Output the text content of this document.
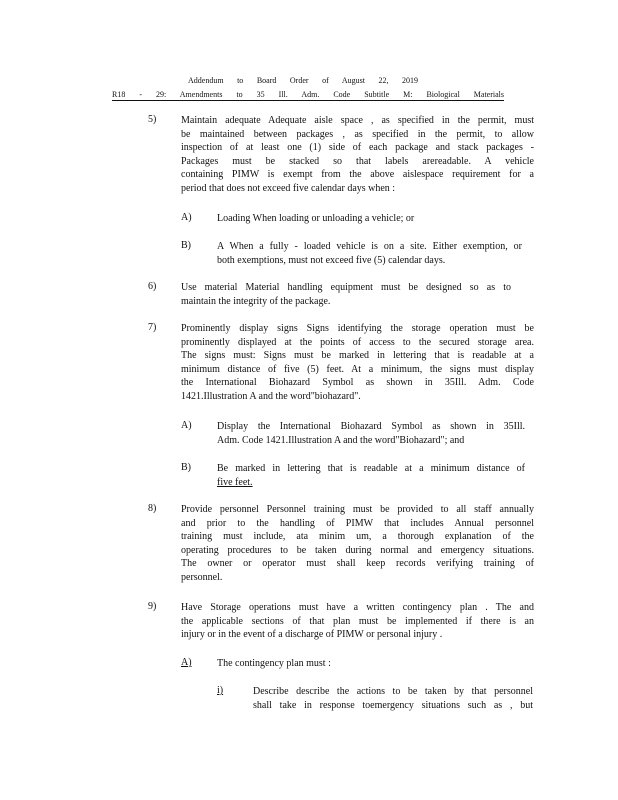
Addendum to Board Order of August 22, 2019
R18 - 29: Amendments to 35 Ill. Adm. Code Subtitle M: Biological Materials
5) Maintain adequate Adequate aisle space , as specified in the permit, must
be maintained between packages , as specified in the permit, to allow
inspection of at least one (1) side of each package and stack packages -
Packages must be stacked so that labels arereadable. A vehicle
containing PIMW is exempt from the above aislespace requirement for a
period that does not exceed five calendar days when :
A)	Loading When loading or unloading a vehicle; or
B)	A When a fully - loaded vehicle is on a site. Either exemption, or
both exemptions, must not exceed five (5) calendar days.
6) Use material Material handling equipment must be designed so as to
maintain the integrity of the package.
7) Prominently display signs Signs identifying the storage operation must be
prominently displayed at the points of access to the secured storage area.
The signs must: Signs must be marked in lettering that is readable at a
minimum distance of five (5) feet. At a minimum, the signs must display
the International Biohazard Symbol as shown in 35Ill. Adm. Code
1421.Illustration A and the word"biohazard".
A)	Display the International Biohazard Symbol as shown in 35Ill.
Adm. Code 1421.Illustration A and the word"Biohazard"; and
B)	Be marked in lettering that is readable at a minimum distance of
five feet.
8) Provide personnel Personnel training must be provided to all staff annually
and prior to the handling of PIMW that includes Annual personnel
training must include, ata minim um, a thorough explanation of the
operating procedures to be taken during normal and emergency situations.
The owner or operator must shall keep records verifying training of
personnel.
9) Have Storage operations must have a written contingency plan . The and
the applicable sections of that plan must be implemented if there is an
injury or in the event of a discharge of PIMW or personal injury .
A)	The contingency plan must :
i)	Describe describe the actions to be taken by that personnel
shall take in response toemergency situations such as , but
